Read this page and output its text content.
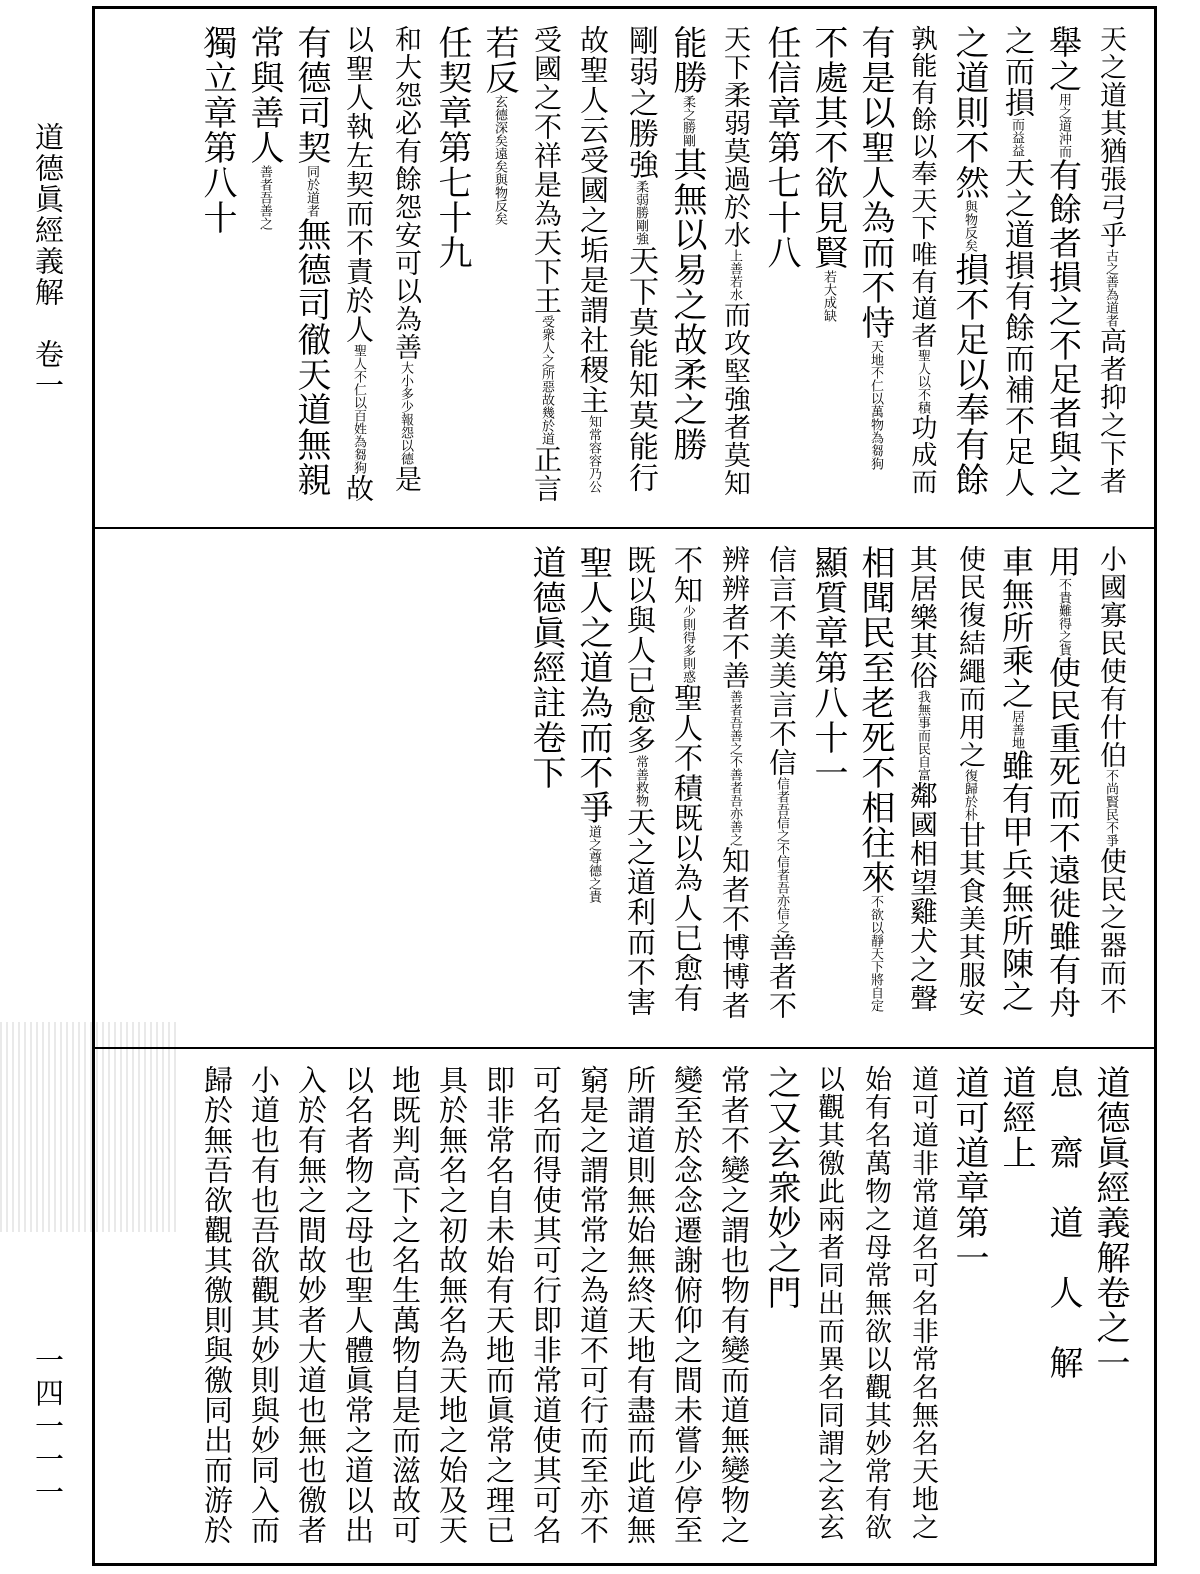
道德眞經義解　卷一
一四一一一
天之道其猶張弓乎古之善為道者高者抑之下者
舉之用之道沖而有餘者損之不足者與之
之而損而益益天之道損有餘而補不足人
之道則不然與物反矣損不足以奉有餘
孰能有餘以奉天下唯有道者聖人以不積功成而
有是以聖人為而不恃天地不仁以萬物為芻狗
不處其不欲見賢若大成缺
任信章第七十八
天下柔弱莫過於水上善若水而攻堅強者莫知
能勝柔之勝剛其無以易之故柔之勝
剛弱之勝強柔弱勝剛強天下莫能知莫能行
故聖人云受國之垢是謂社稷主知常容容乃公
受國之不祥是為天下王受衆人之所惡故幾於道正言
若反玄德深矣遠矣與物反矣
任契章第七十九
和大怨必有餘怨安可以為善大小多少報怨以德是
以聖人執左契而不責於人聖人不仁以百姓為芻狗故
有德司契同於道者無德司徹天道無親
常與善人善者吾善之
獨立章第八十
小國寡民使有什伯不尚賢民不爭使民之器而不
用不貴難得之貨使民重死而不遠徙雖有舟
車無所乘之居善地雖有甲兵無所陳之
使民復結繩而用之復歸於朴甘其食美其服安
其居樂其俗我無事而民自富鄰國相望雞犬之聲
相聞民至老死不相往來不欲以靜天下將自定
顯質章第八十一
信言不美美言不信信者吾信之不信者吾亦信之善者不
辨辨者不善善者吾善之不善者吾亦善之知者不博博者
不知少則得多則惑聖人不積既以為人已愈有
既以與人已愈多常善救物天之道利而不害
聖人之道為而不爭道之尊德之貴
道德眞經註卷下
道德眞經義解卷之一
息　齋　道　人　解
道經上
道可道章第一
道可道非常道名可名非常名無名天地之
始有名萬物之母常無欲以觀其妙常有欲
以觀其徼此兩者同出而異名同謂之玄玄
之又玄衆妙之門
常者不變之謂也物有變而道無變物之
變至於念念遷謝俯仰之間未嘗少停至
所謂道則無始無終天地有盡而此道無
窮是之謂常常之為道不可行而至亦不
可名而得使其可行即非常道使其可名
即非常名自未始有天地而眞常之理已
具於無名之初故無名為天地之始及天
地既判高下之名生萬物自是而滋故可
以名者物之母也聖人體眞常之道以出
入於有無之間故妙者大道也無也徼者
小道也有也吾欲觀其妙則與妙同入而
歸於無吾欲觀其徼則與徼同出而游於
